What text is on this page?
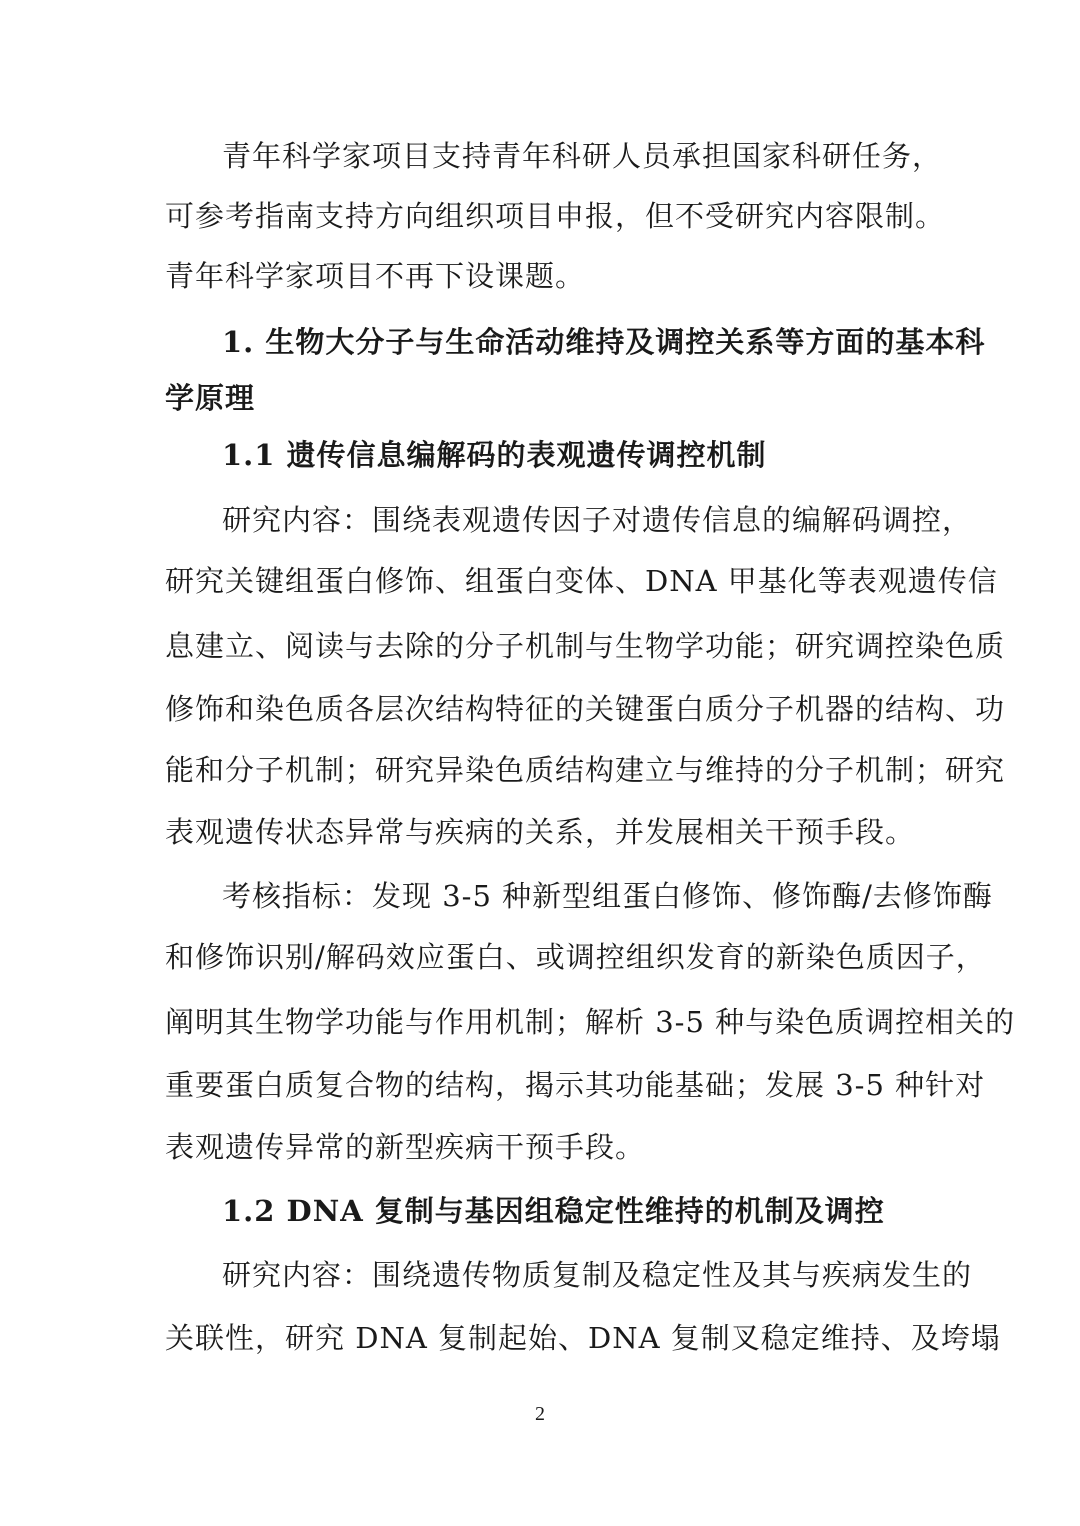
青年科学家项目支持青年科研人员承担国家科研任务，
可参考指南支持方向组织项目申报，但不受研究内容限制。
青年科学家项目不再下设课题。
1. 生物大分子与生命活动维持及调控关系等方面的基本科
学原理
1.1 遗传信息编解码的表观遗传调控机制
研究内容：围绕表观遗传因子对遗传信息的编解码调控，
研究关键组蛋白修饰、组蛋白变体、DNA 甲基化等表观遗传信
息建立、阅读与去除的分子机制与生物学功能；研究调控染色质
修饰和染色质各层次结构特征的关键蛋白质分子机器的结构、功
能和分子机制；研究异染色质结构建立与维持的分子机制；研究
表观遗传状态异常与疾病的关系，并发展相关干预手段。
考核指标：发现 3-5 种新型组蛋白修饰、修饰酶/去修饰酶
和修饰识别/解码效应蛋白、或调控组织发育的新染色质因子，
阐明其生物学功能与作用机制；解析 3-5 种与染色质调控相关的
重要蛋白质复合物的结构，揭示其功能基础；发展 3-5 种针对
表观遗传异常的新型疾病干预手段。
1.2 DNA 复制与基因组稳定性维持的机制及调控
研究内容：围绕遗传物质复制及稳定性及其与疾病发生的
关联性，研究 DNA 复制起始、DNA 复制叉稳定维持、及垮塌
2
